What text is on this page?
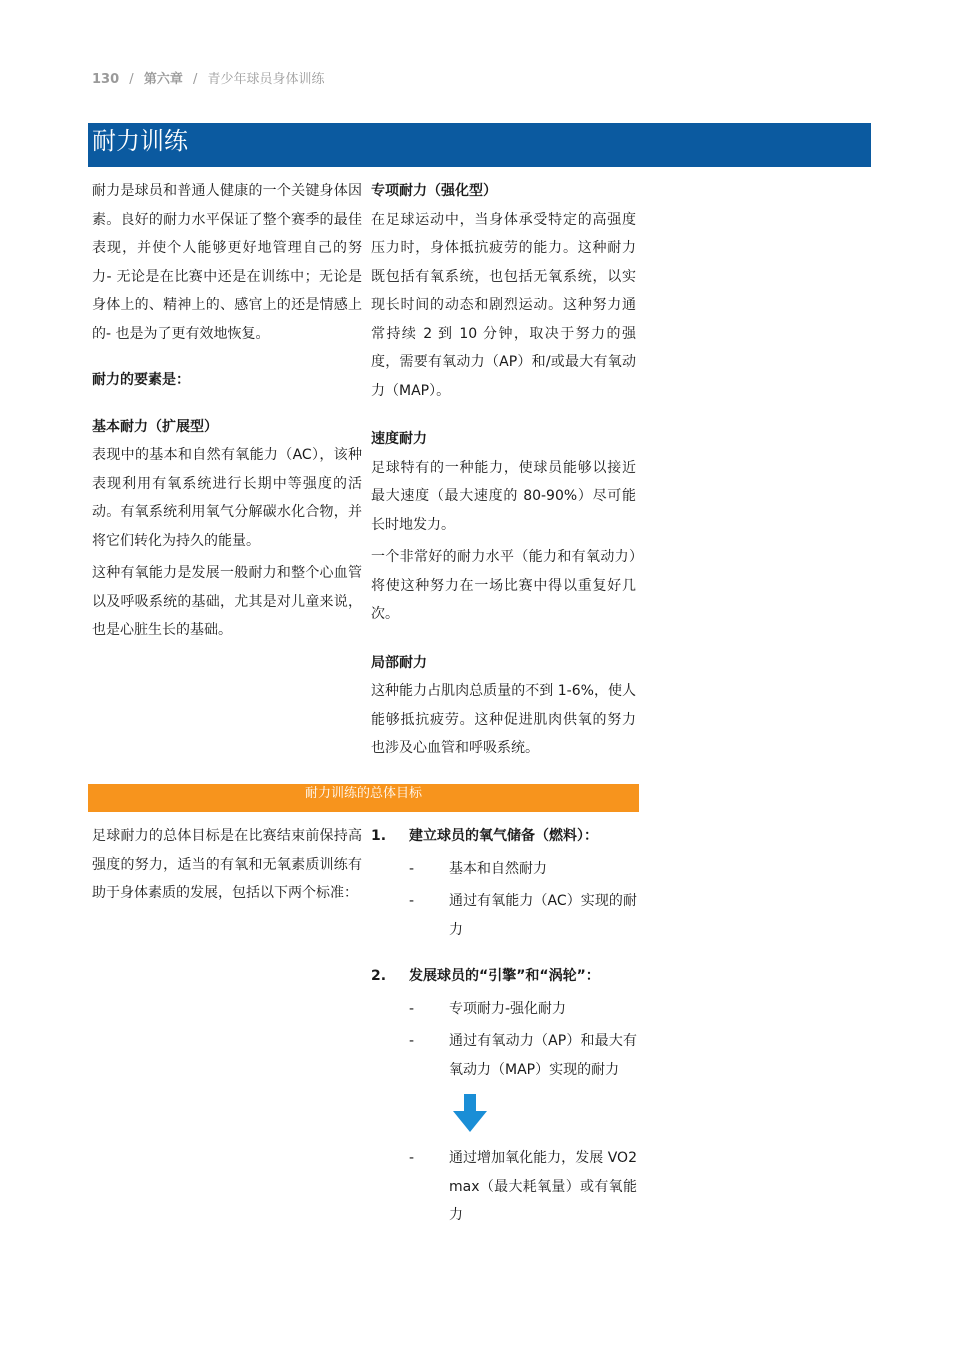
130 / 第六章 / 青少年球员身体训练
耐力训练

耐力是球员和普通人健康的一个关键身体因素。良好的耐力水平保证了整个赛季的最佳表现，并使个人能够更好地管理自己的努力- 无论是在比赛中还是在训练中；无论是身体上的、精神上的、感官上的还是情感上的- 也是为了更有效地恢复。

耐力的要素是：

基本耐力（扩展型）

表现中的基本和自然有氧能力（AC），该种表现利用有氧系统进行长期中等强度的活动。有氧系统利用氧气分解碳水化合物，并将它们转化为持久的能量。

这种有氧能力是发展一般耐力和整个心血管以及呼吸系统的基础，尤其是对儿童来说，也是心脏生长的基础。

专项耐力（强化型）

在足球运动中，当身体承受特定的高强度压力时，身体抵抗疲劳的能力。这种耐力既包括有氧系统，也包括无氧系统，以实现长时间的动态和剧烈运动。这种努力通常持续 2 到 10 分钟，取决于努力的强度，需要有氧动力（AP）和/或最大有氧动力（MAP）。

速度耐力

足球特有的一种能力，使球员能够以接近最大速度（最大速度的 80-90%）尽可能长时地发力。

一个非常好的耐力水平（能力和有氧动力）将使这种努力在一场比赛中得以重复好几次。

局部耐力

这种能力占肌肉总质量的不到 1-6%，使人能够抵抗疲劳。这种促进肌肉供氧的努力也涉及心血管和呼吸系统。

耐力训练的总体目标

足球耐力的总体目标是在比赛结束前保持高强度的努力，适当的有氧和无氧素质训练有助于身体素质的发展，包括以下两个标准：

1.	建立球员的氧气储备（燃料）：
-	基本和自然耐力
-	通过有氧能力（AC）实现的耐力
2.	发展球员的“引擎”和“涡轮”：
-	专项耐力-强化耐力
-	通过有氧动力（AP）和最大有氧动力（MAP）实现的耐力
-	通过增加氧化能力，发展 VO2 max（最大耗氧量）或有氧能力
